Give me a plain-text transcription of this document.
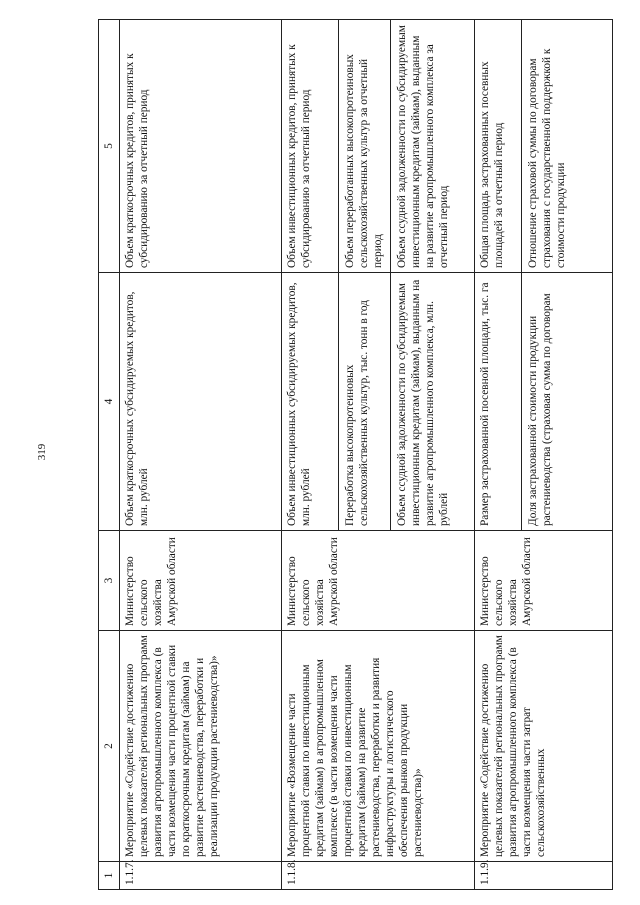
319
1	2	3	4	5
1.1.7.	Мероприятие «Содействие достижению целевых показателей региональных программ развития агропромышленного комплекса (в части возмещения части процентной ставки по краткосрочным кредитам (займам) на развитие растениеводства, переработки и реализации продукции растениеводства)»	Министерство сельского хозяйства Амурской области	Объем краткосрочных субсидируемых кредитов, млн. рублей	Объем краткосрочных кредитов, принятых к субсидированию за отчетный период
1.1.8.	Мероприятие «Возмещение части процентной ставки по инвестиционным кредитам (займам) в агропромышленном комплексе (в части возмещения части процентной ставки по инвестиционным кредитам (займам) на развитие растениеводства, переработки и развития инфраструктуры и логистического обеспечения рынков продукции растениеводства)»	Министерство сельского хозяйства Амурской области	Объем инвестиционных субсидируемых кредитов, млн. рублей	Объем инвестиционных кредитов, принятых к субсидированию за отчетный период
			Переработка высокопротеиновых сельскохозяйственных культур, тыс. тонн в год	Объем переработанных высокопротеиновых сельскохозяйственных культур за отчетный период
			Объем ссудной задолженности по субсидируемым инвестиционным кредитам (займам), выданным на развитие агропромышленного комплекса, млн. рублей	Объем ссудной задолженности по субсидируемым инвестиционным кредитам (займам), выданным на развитие агропромышленного комплекса за отчетный период
1.1.9.	Мероприятие «Содействие достижению целевых показателей региональных программ развития агропромышленного комплекса (в части возмещения части затрат сельскохозяйственных	Министерство сельского хозяйства Амурской области	Размер застрахованной посевной площади, тыс. га	Общая площадь застрахованных посевных площадей за отчетный период
			Доля застрахованной стоимости продукции растениеводства (страховая сумма по договорам	Отношение страховой суммы по договорам страхования с государственной поддержкой к стоимости продукции
